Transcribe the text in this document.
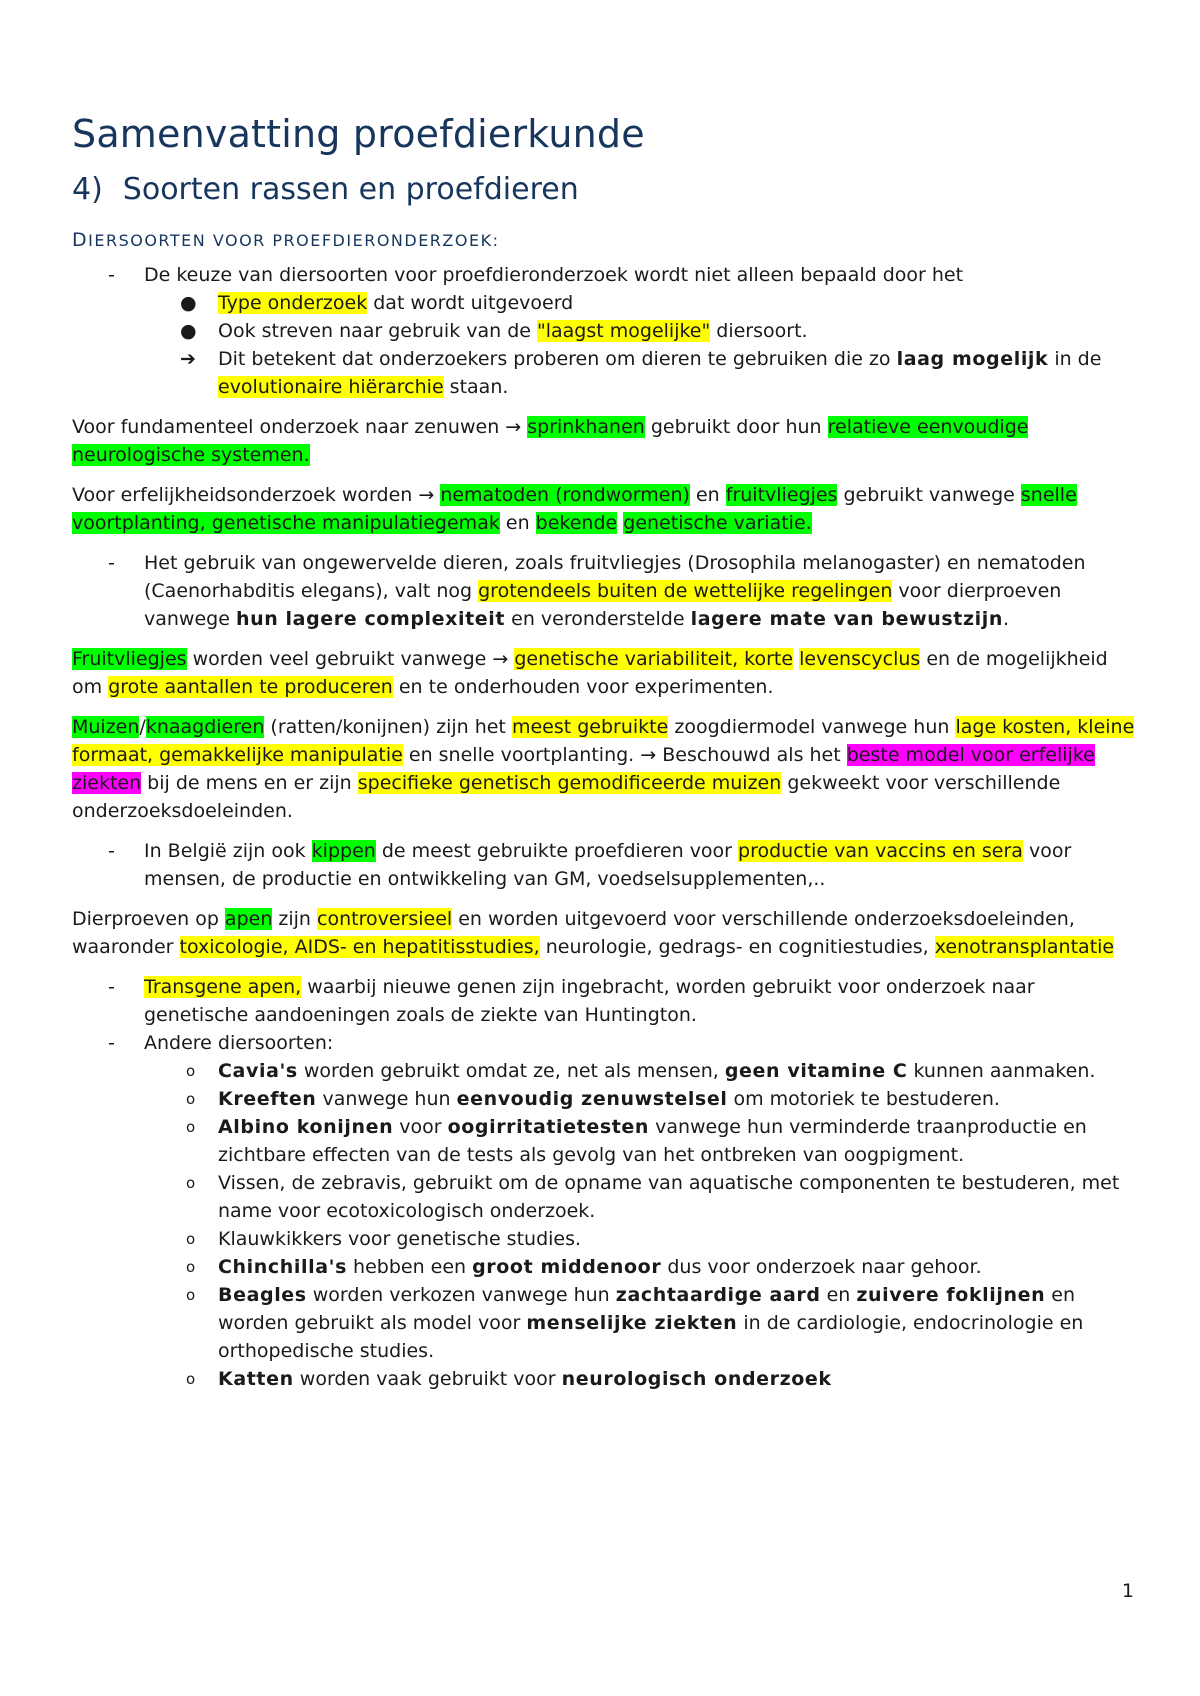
Samenvatting proefdierkunde
4) Soorten rassen en proefdieren
DIERSOORTEN VOOR PROEFDIERONDERZOEK:
- De keuze van diersoorten voor proefdieronderzoek wordt niet alleen bepaald door het
● Type onderzoek dat wordt uitgevoerd
● Ook streven naar gebruik van de "laagst mogelijke" diersoort.
➔ Dit betekent dat onderzoekers proberen om dieren te gebruiken die zo laag mogelijk in de evolutionaire hiërarchie staan.

Voor fundamenteel onderzoek naar zenuwen → sprinkhanen gebruikt door hun relatieve eenvoudige neurologische systemen.

Voor erfelijkheidsonderzoek worden → nematoden (rondwormen) en fruitvliegjes gebruikt vanwege snelle voortplanting, genetische manipulatiegemak en bekende genetische variatie.

- Het gebruik van ongewervelde dieren, zoals fruitvliegjes (Drosophila melanogaster) en nematoden (Caenorhabditis elegans), valt nog grotendeels buiten de wettelijke regelingen voor dierproeven vanwege hun lagere complexiteit en veronderstelde lagere mate van bewustzijn.

Fruitvliegjes worden veel gebruikt vanwege → genetische variabiliteit, korte levenscyclus en de mogelijkheid om grote aantallen te produceren en te onderhouden voor experimenten.

Muizen/knaagdieren (ratten/konijnen) zijn het meest gebruikte zoogdiermodel vanwege hun lage kosten, kleine formaat, gemakkelijke manipulatie en snelle voortplanting. → Beschouwd als het beste model voor erfelijke ziekten bij de mens en er zijn specifieke genetisch gemodificeerde muizen gekweekt voor verschillende onderzoeksdoeleinden.

- In België zijn ook kippen de meest gebruikte proefdieren voor productie van vaccins en sera voor mensen, de productie en ontwikkeling van GM, voedselsupplementen,..

Dierproeven op apen zijn controversieel en worden uitgevoerd voor verschillende onderzoeksdoeleinden, waaronder toxicologie, AIDS- en hepatitisstudies, neurologie, gedrags- en cognitiestudies, xenotransplantatie

- Transgene apen, waarbij nieuwe genen zijn ingebracht, worden gebruikt voor onderzoek naar genetische aandoeningen zoals de ziekte van Huntington.
- Andere diersoorten:
o Cavia's worden gebruikt omdat ze, net als mensen, geen vitamine C kunnen aanmaken.
o Kreeften vanwege hun eenvoudig zenuwstelsel om motoriek te bestuderen.
o Albino konijnen voor oogirritatietesten vanwege hun verminderde traanproductie en zichtbare effecten van de tests als gevolg van het ontbreken van oogpigment.
o Vissen, de zebravis, gebruikt om de opname van aquatische componenten te bestuderen, met name voor ecotoxicologisch onderzoek.
o Klauwkikkers voor genetische studies.
o Chinchilla's hebben een groot middenoor dus voor onderzoek naar gehoor.
o Beagles worden verkozen vanwege hun zachtaardige aard en zuivere foklijnen en worden gebruikt als model voor menselijke ziekten in de cardiologie, endocrinologie en orthopedische studies.
o Katten worden vaak gebruikt voor neurologisch onderzoek
1
